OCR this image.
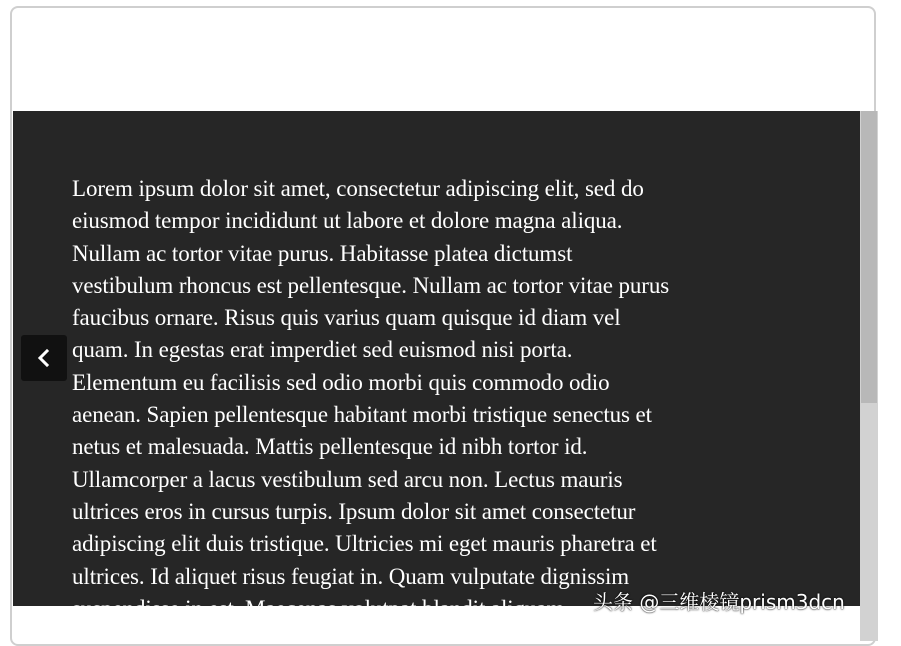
Lorem ipsum dolor sit amet, consectetur adipiscing elit, sed do
eiusmod tempor incididunt ut labore et dolore magna aliqua.
Nullam ac tortor vitae purus. Habitasse platea dictumst
vestibulum rhoncus est pellentesque. Nullam ac tortor vitae purus
faucibus ornare. Risus quis varius quam quisque id diam vel
quam. In egestas erat imperdiet sed euismod nisi porta.
Elementum eu facilisis sed odio morbi quis commodo odio
aenean. Sapien pellentesque habitant morbi tristique senectus et
netus et malesuada. Mattis pellentesque id nibh tortor id.
Ullamcorper a lacus vestibulum sed arcu non. Lectus mauris
ultrices eros in cursus turpis. Ipsum dolor sit amet consectetur
adipiscing elit duis tristique. Ultricies mi eget mauris pharetra et
ultrices. Id aliquet risus feugiat in. Quam vulputate dignissim
suspendisse in est. Maecenas volutpat blandit aliquam	头条 @三维棱镜prism3dcn
